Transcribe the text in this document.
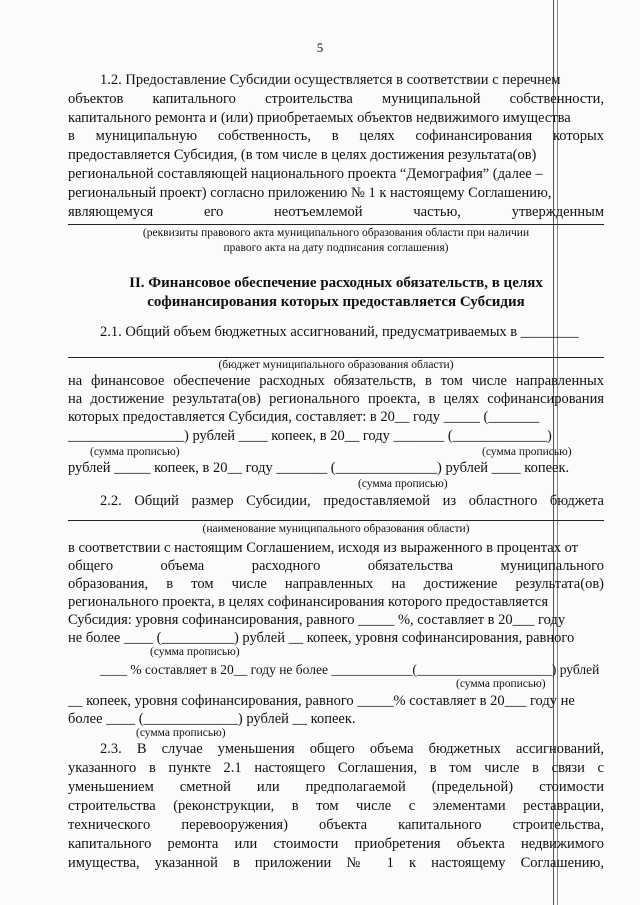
5
1.2. Предоставление Субсидии осуществляется в соответствии с перечнем
объектов капитального строительства муниципальной собственности,
капитального ремонта и (или) приобретаемых объектов недвижимого имущества
в муниципальную собственность, в целях софинансирования которых
предоставляется Субсидия, (в том числе в целях достижения результата(ов)
региональной составляющей национального проекта “Демография” (далее –
региональный проект) согласно приложению № 1 к настоящему Соглашению,
являющемуся его неотъемлемой частью, утвержденным
(реквизиты правового акта муниципального образования области при наличии
правого акта на дату подписания соглашения)
II. Финансовое обеспечение расходных обязательств, в целях
софинансирования которых предоставляется Субсидия
2.1. Общий объем бюджетных ассигнований, предусматриваемых в ________
(бюджет муниципального образования области)
на финансовое обеспечение расходных обязательств, в том числе направленных
на достижение результата(ов) регионального проекта, в целях софинансирования
которых предоставляется Субсидия, составляет: в 20__ году _____ (_______
________________) рублей ____ копеек, в 20__ году _______ (_____________)
(сумма прописью)	(сумма прописью)
рублей _____ копеек, в 20__ году _______ (______________) рублей ____ копеек.
(сумма прописью)
2.2. Общий размер Субсидии, предоставляемой из областного бюджета
(наименование муниципального образования области)
в соответствии с настоящим Соглашением, исходя из выраженного в процентах от
общего объема расходного обязательства муниципального
образования, в том числе направленных на достижение результата(ов)
регионального проекта, в целях софинансирования которого предоставляется
Субсидия: уровня софинансирования, равного _____ %, составляет в 20___ году
не более ____ (__________) рублей __ копеек, уровня софинансирования, равного
(сумма прописью)
____ % составляет в 20__ году не более ____________(____________________) рублей
(сумма прописью)
__ копеек, уровня софинансирования, равного _____% составляет в 20___ году не
более ____ (_____________) рублей __ копеек.
(сумма прописью)
2.3. В случае уменьшения общего объема бюджетных ассигнований,
указанного в пункте 2.1 настоящего Соглашения, в том числе в связи с
уменьшением сметной или предполагаемой (предельной) стоимости
строительства (реконструкции, в том числе с элементами реставрации,
технического перевооружения) объекта капитального строительства,
капитального ремонта или стоимости приобретения объекта недвижимого
имущества, указанной в приложении № 1 к настоящему Соглашению,
